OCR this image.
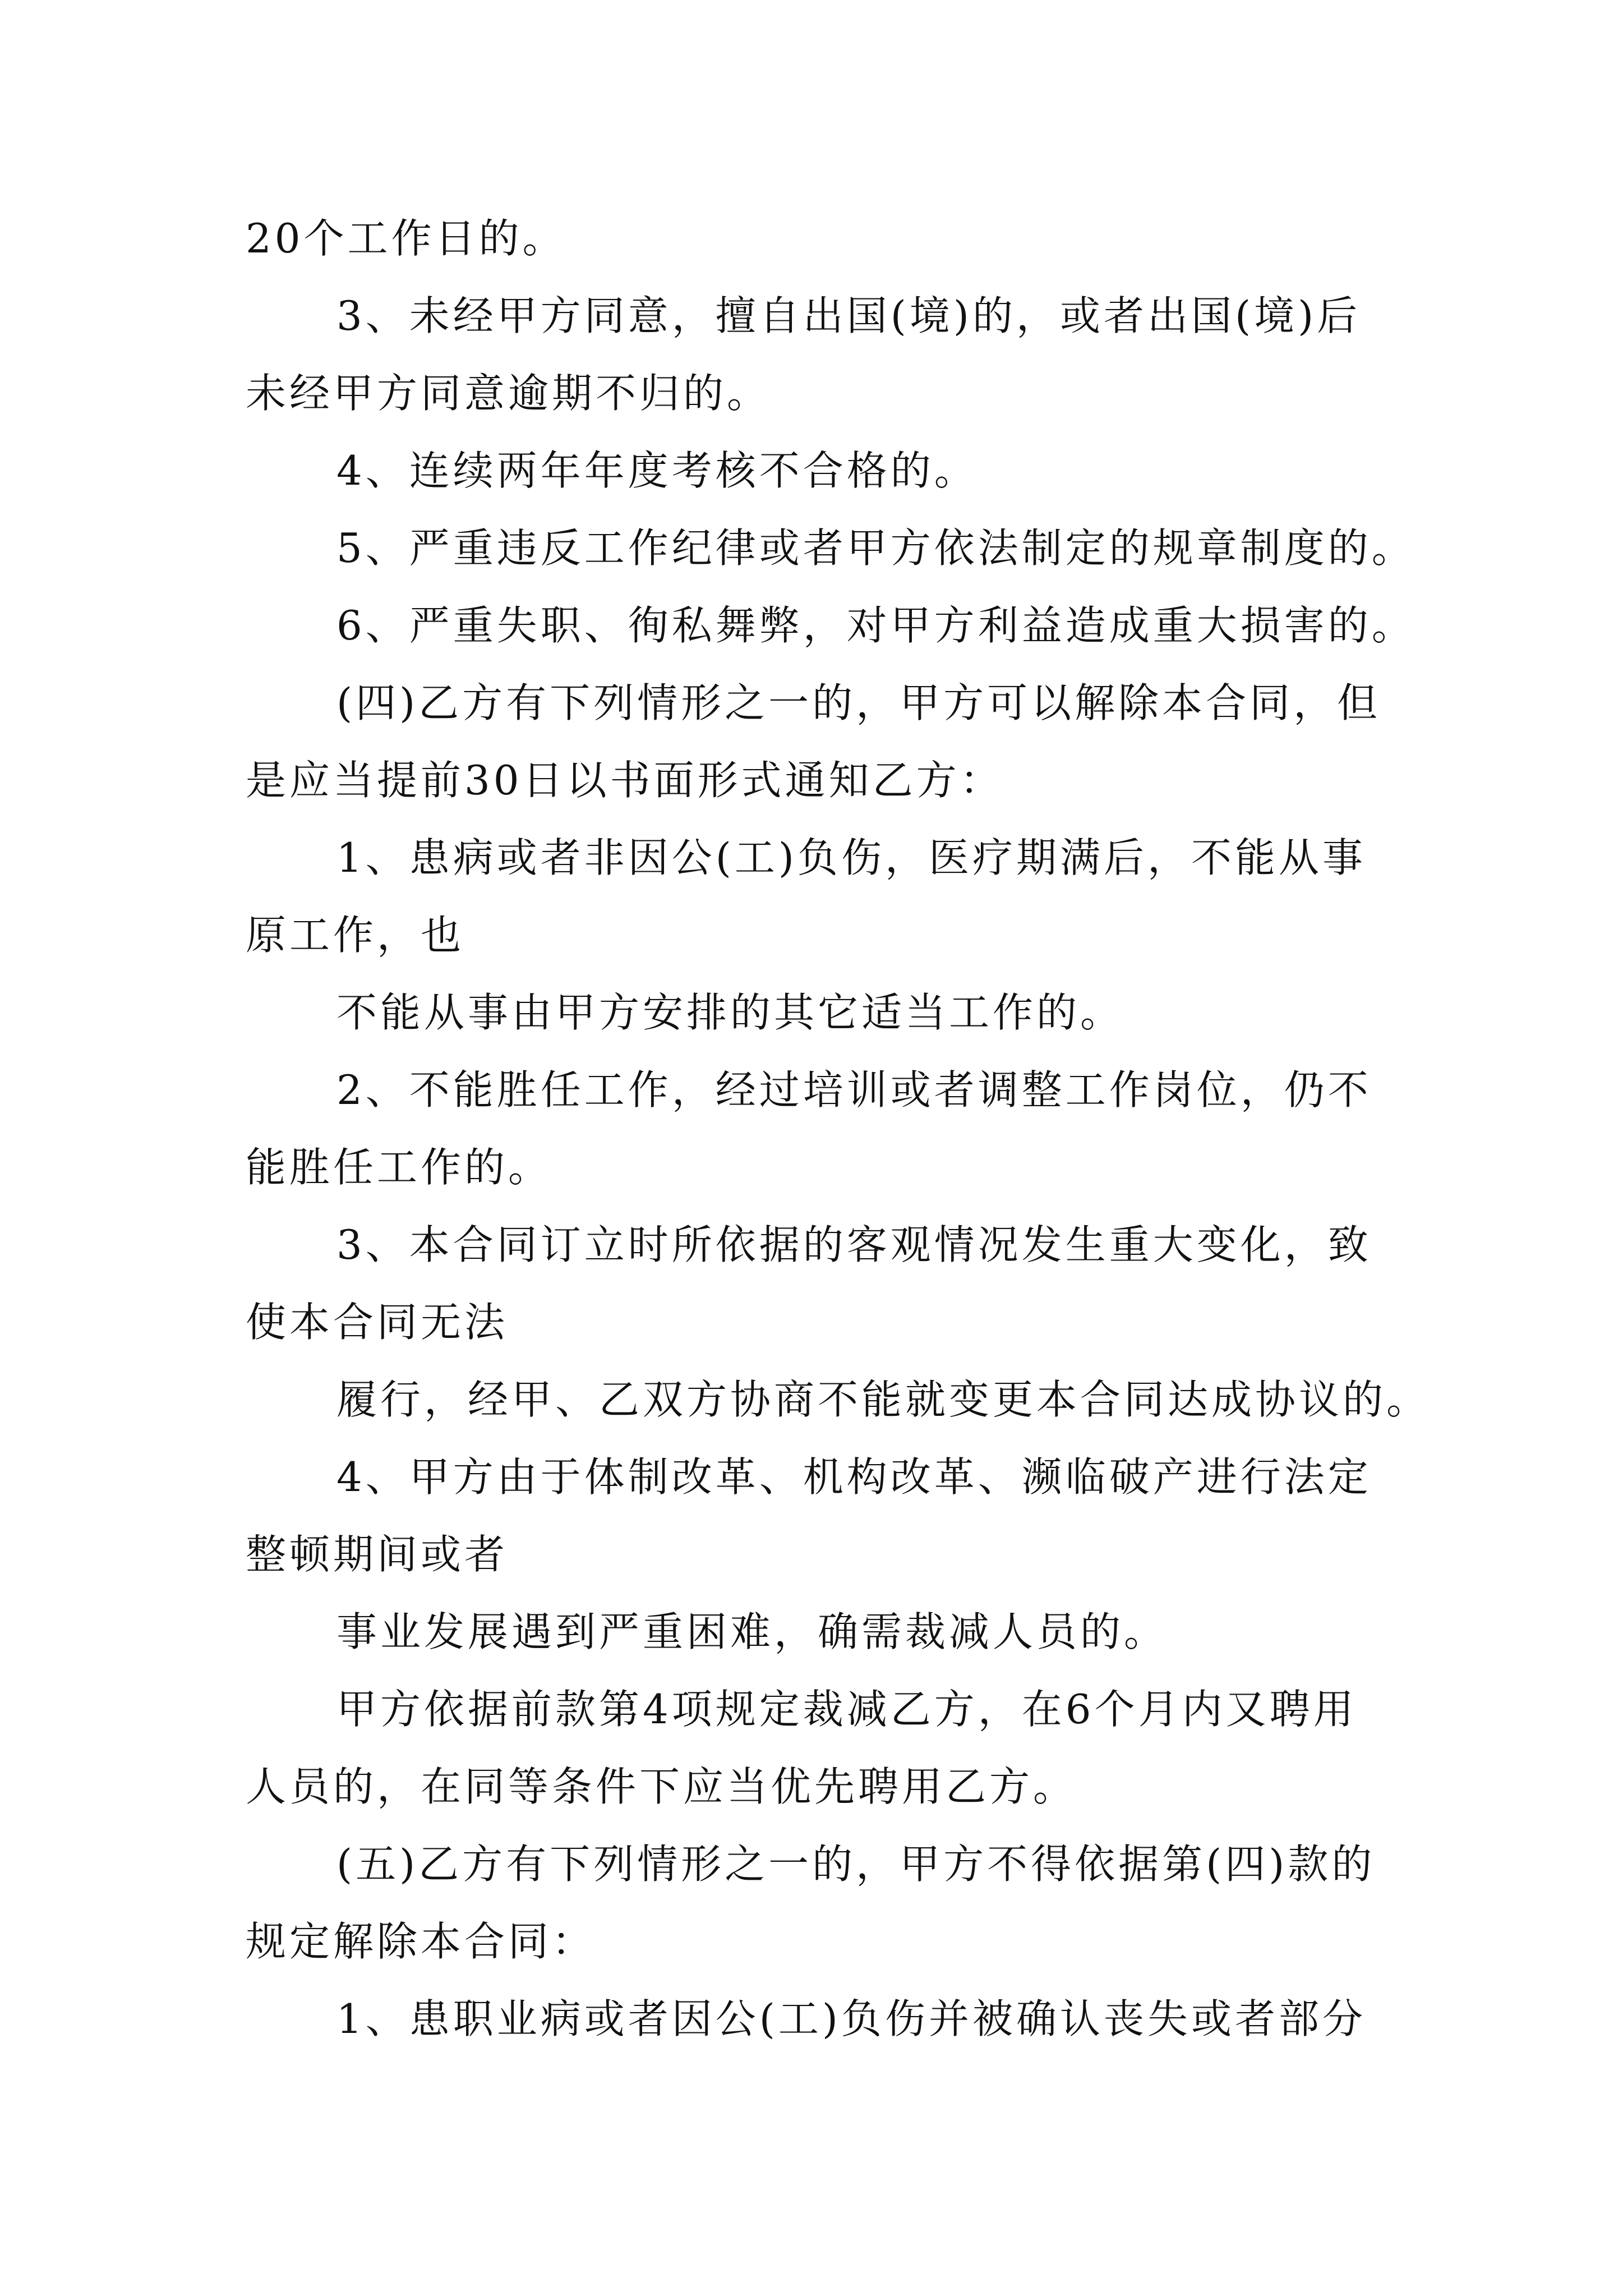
20个工作日的。
3、未经甲方同意，擅自出国(境)的，或者出国(境)后
未经甲方同意逾期不归的。
4、连续两年年度考核不合格的。
5、严重违反工作纪律或者甲方依法制定的规章制度的。
6、严重失职、徇私舞弊，对甲方利益造成重大损害的。
(四)乙方有下列情形之一的，甲方可以解除本合同，但
是应当提前30日以书面形式通知乙方：
1、患病或者非因公(工)负伤，医疗期满后，不能从事
原工作，也
不能从事由甲方安排的其它适当工作的。
2、不能胜任工作，经过培训或者调整工作岗位，仍不
能胜任工作的。
3、本合同订立时所依据的客观情况发生重大变化，致
使本合同无法
履行，经甲、乙双方协商不能就变更本合同达成协议的。
4、甲方由于体制改革、机构改革、濒临破产进行法定
整顿期间或者
事业发展遇到严重困难，确需裁减人员的。
甲方依据前款第4项规定裁减乙方，在6个月内又聘用
人员的，在同等条件下应当优先聘用乙方。
(五)乙方有下列情形之一的，甲方不得依据第(四)款的
规定解除本合同：
1、患职业病或者因公(工)负伤并被确认丧失或者部分
